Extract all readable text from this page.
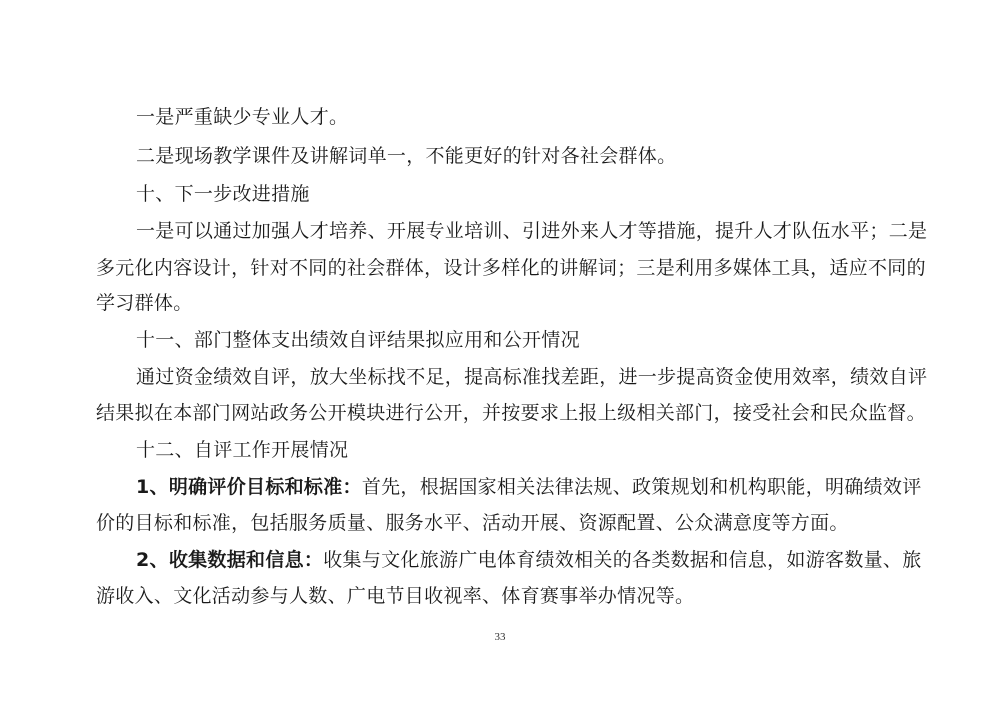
一是严重缺少专业人才。
二是现场教学课件及讲解词单一，不能更好的针对各社会群体。
十、下一步改进措施
一是可以通过加强人才培养、开展专业培训、引进外来人才等措施，提升人才队伍水平；二是
多元化内容设计，针对不同的社会群体，设计多样化的讲解词；三是利用多媒体工具，适应不同的
学习群体。
十一、部门整体支出绩效自评结果拟应用和公开情况
通过资金绩效自评，放大坐标找不足，提高标准找差距，进一步提高资金使用效率，绩效自评
结果拟在本部门网站政务公开模块进行公开，并按要求上报上级相关部门，接受社会和民众监督。
十二、自评工作开展情况
1、明确评价目标和标准：首先，根据国家相关法律法规、政策规划和机构职能，明确绩效评
价的目标和标准，包括服务质量、服务水平、活动开展、资源配置、公众满意度等方面。
2、收集数据和信息：收集与文化旅游广电体育绩效相关的各类数据和信息，如游客数量、旅
游收入、文化活动参与人数、广电节目收视率、体育赛事举办情况等。
33
